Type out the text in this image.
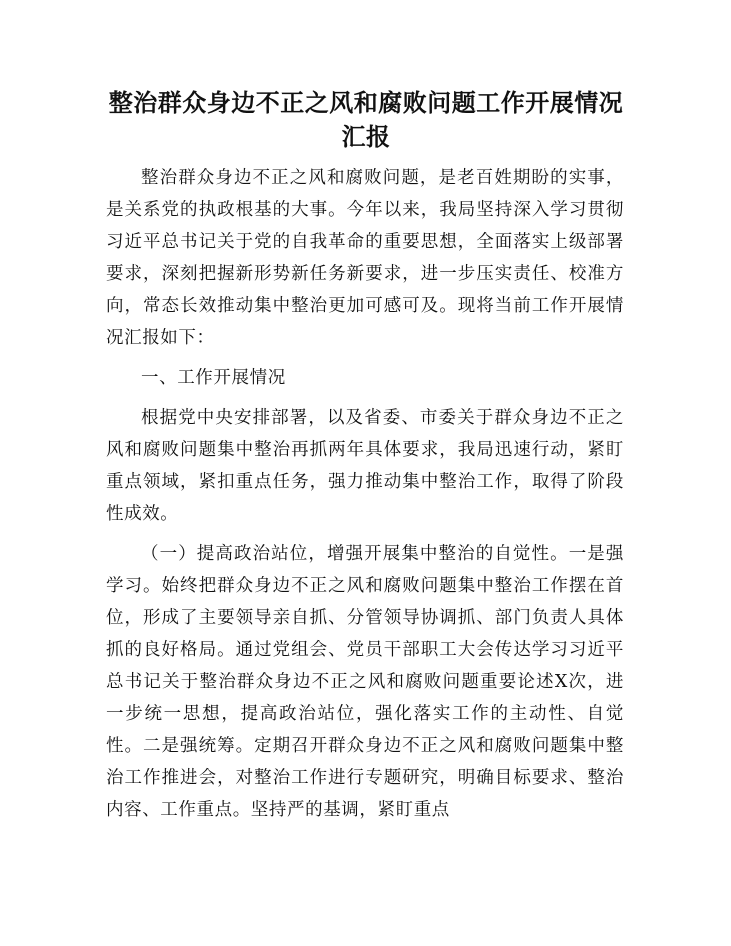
整治群众身边不正之风和腐败问题工作开展情况汇报

整治群众身边不正之风和腐败问题，是老百姓期盼的实事，是关系党的执政根基的大事。今年以来，我局坚持深入学习贯彻习近平总书记关于党的自我革命的重要思想，全面落实上级部署要求，深刻把握新形势新任务新要求，进一步压实责任、校准方向，常态长效推动集中整治更加可感可及。现将当前工作开展情况汇报如下：

一、工作开展情况

根据党中央安排部署，以及省委、市委关于群众身边不正之风和腐败问题集中整治再抓两年具体要求，我局迅速行动，紧盯重点领域，紧扣重点任务，强力推动集中整治工作，取得了阶段性成效。

（一）提高政治站位，增强开展集中整治的自觉性。一是强学习。始终把群众身边不正之风和腐败问题集中整治工作摆在首位，形成了主要领导亲自抓、分管领导协调抓、部门负责人具体抓的良好格局。通过党组会、党员干部职工大会传达学习习近平总书记关于整治群众身边不正之风和腐败问题重要论述X次，进一步统一思想，提高政治站位，强化落实工作的主动性、自觉性。二是强统筹。定期召开群众身边不正之风和腐败问题集中整治工作推进会，对整治工作进行专题研究，明确目标要求、整治内容、工作重点。坚持严的基调，紧盯重点
